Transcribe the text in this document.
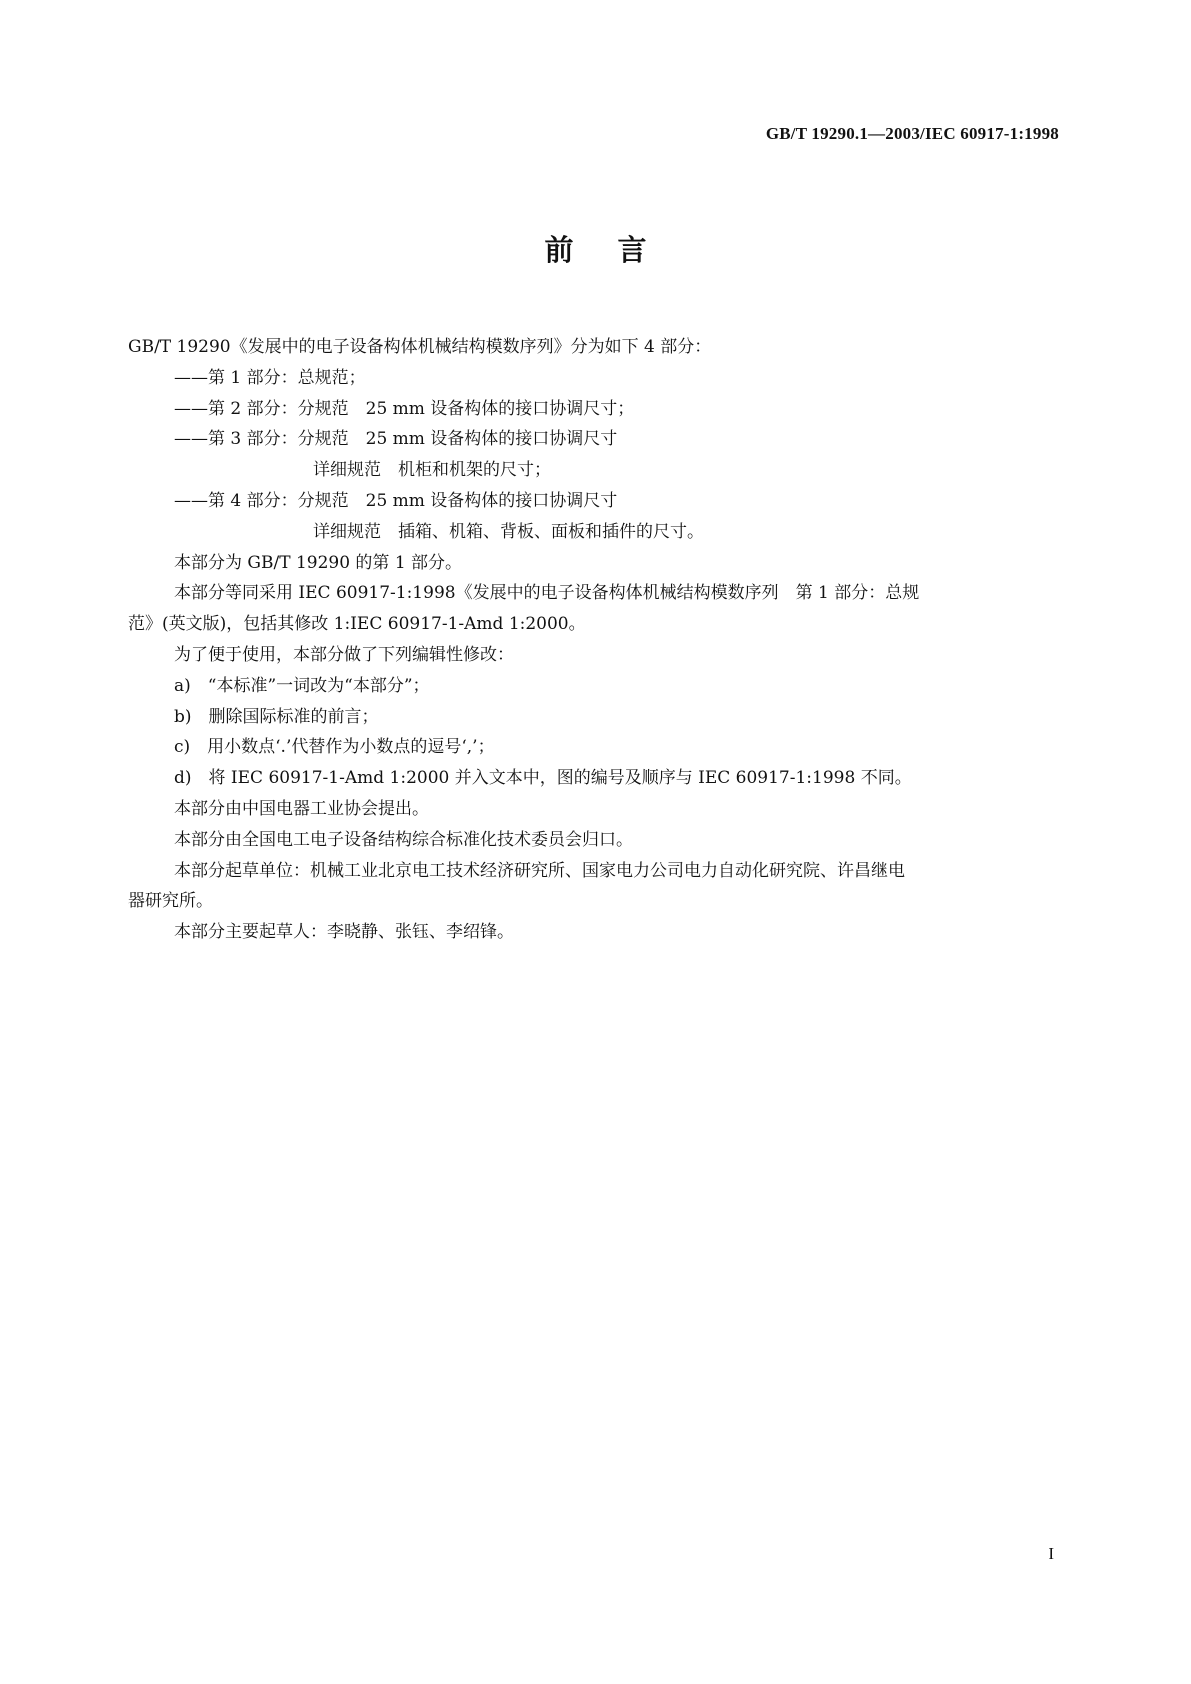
GB/T 19290.1—2003/IEC 60917-1:1998
前言
GB/T 19290《发展中的电子设备构体机械结构模数序列》分为如下 4 部分：
——第 1 部分：总规范；
——第 2 部分：分规范　25 mm 设备构体的接口协调尺寸；
——第 3 部分：分规范　25 mm 设备构体的接口协调尺寸
详细规范　机柜和机架的尺寸；
——第 4 部分：分规范　25 mm 设备构体的接口协调尺寸
详细规范　插箱、机箱、背板、面板和插件的尺寸。
本部分为 GB/T 19290 的第 1 部分。
本部分等同采用 IEC 60917-1:1998《发展中的电子设备构体机械结构模数序列　第 1 部分：总规
范》(英文版)，包括其修改 1:IEC 60917-1-Amd 1:2000。
为了便于使用，本部分做了下列编辑性修改：
a)　“本标准”一词改为“本部分”；
b)　删除国际标准的前言；
c)　用小数点‘.’代替作为小数点的逗号‘,’；
d)　将 IEC 60917-1-Amd 1:2000 并入文本中，图的编号及顺序与 IEC 60917-1:1998 不同。
本部分由中国电器工业协会提出。
本部分由全国电工电子设备结构综合标准化技术委员会归口。
本部分起草单位：机械工业北京电工技术经济研究所、国家电力公司电力自动化研究院、许昌继电
器研究所。
本部分主要起草人：李晓静、张钰、李绍锋。
I
